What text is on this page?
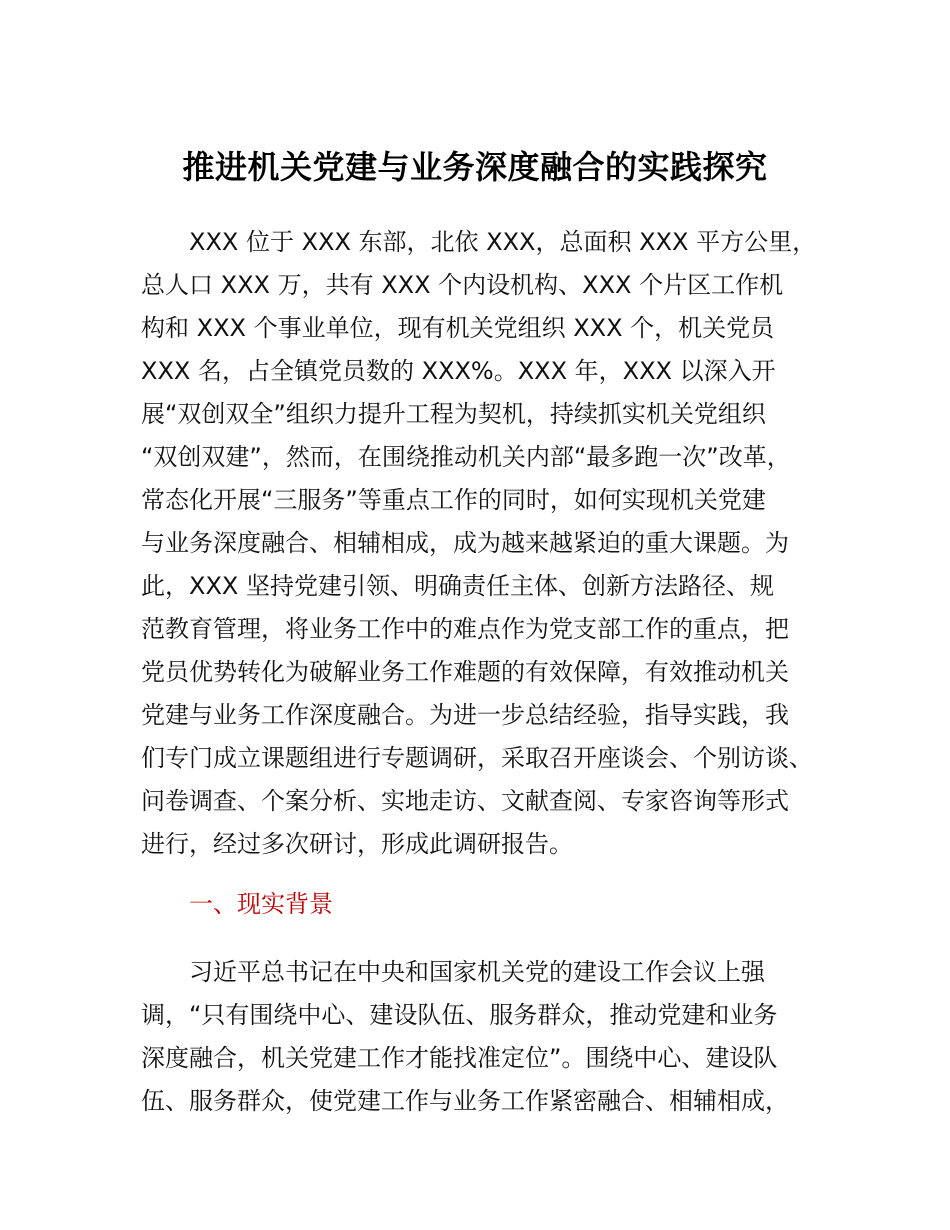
推进机关党建与业务深度融合的实践探究
XXX 位于 XXX 东部，北依 XXX，总面积 XXX 平方公里，
总人口 XXX 万，共有 XXX 个内设机构、XXX 个片区工作机
构和 XXX 个事业单位，现有机关党组织 XXX 个，机关党员
XXX 名，占全镇党员数的 XXX%。XXX 年，XXX 以深入开
展“双创双全”组织力提升工程为契机，持续抓实机关党组织
“双创双建”，然而，在围绕推动机关内部“最多跑一次”改革，
常态化开展“三服务”等重点工作的同时，如何实现机关党建
与业务深度融合、相辅相成，成为越来越紧迫的重大课题。为
此，XXX 坚持党建引领、明确责任主体、创新方法路径、规
范教育管理，将业务工作中的难点作为党支部工作的重点，把
党员优势转化为破解业务工作难题的有效保障，有效推动机关
党建与业务工作深度融合。为进一步总结经验，指导实践，我
们专门成立课题组进行专题调研，采取召开座谈会、个别访谈、
问卷调查、个案分析、实地走访、文献查阅、专家咨询等形式
进行，经过多次研讨，形成此调研报告。
一、现实背景
习近平总书记在中央和国家机关党的建设工作会议上强
调，“只有围绕中心、建设队伍、服务群众，推动党建和业务
深度融合，机关党建工作才能找准定位”。围绕中心、建设队
伍、服务群众，使党建工作与业务工作紧密融合、相辅相成，
